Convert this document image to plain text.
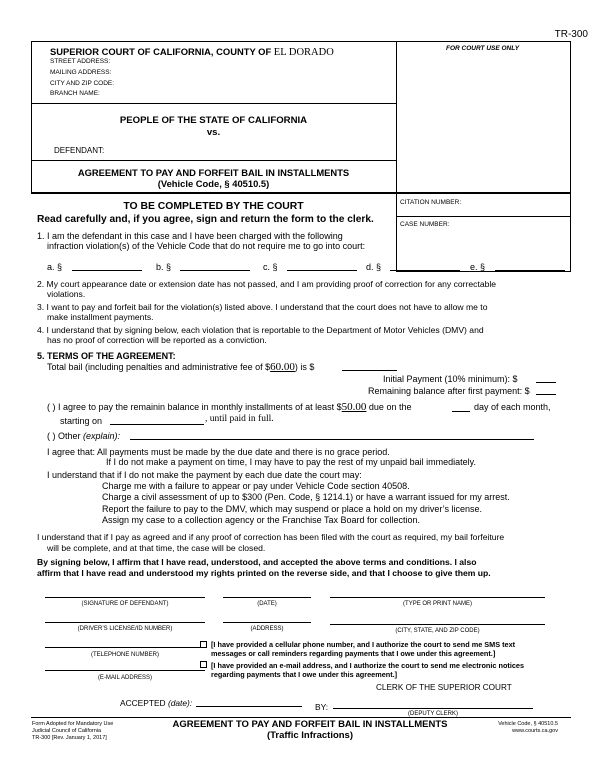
TR-300
SUPERIOR COURT OF CALIFORNIA, COUNTY OF EL DORADO
STREET ADDRESS:
MAILING ADDRESS:
CITY AND ZIP CODE:
BRANCH NAME:
FOR COURT USE ONLY
PEOPLE OF THE STATE OF CALIFORNIA
vs.
DEFENDANT:
AGREEMENT TO PAY AND FORFEIT BAIL IN INSTALLMENTS
(Vehicle Code, § 40510.5)
CITATION NUMBER:
CASE NUMBER:
TO BE COMPLETED BY THE COURT
Read carefully and, if you agree, sign and return the form to the clerk.
1. I am the defendant in this case and I have been charged with the following
infraction violation(s) of the Vehicle Code that do not require me to go into court:
a. §	b. §	c. §	d. §	e. §
2. My court appearance date or extension date has not passed, and I am providing proof of correction for any correctable
violations.
3. I want to pay and forfeit bail for the violation(s) listed above. I understand that the court does not have to allow me to
make installment payments.
4. I understand that by signing below, each violation that is reportable to the Department of Motor Vehicles (DMV) and
has no proof of correction will be reported as a conviction.
5. TERMS OF THE AGREEMENT:
Total bail (including penalties and administrative fee of $60.00) is $
Initial Payment (10% minimum): $
Remaining balance after first payment: $
( ) I agree to pay the remainin balance in monthly installments of at least $50.00 due on the	day of each month,
starting on	, until paid in full.
( ) Other (explain):
I agree that: All payments must be made by the due date and there is no grace period.
If I do not make a payment on time, I may have to pay the rest of my unpaid bail immediately.
I understand that if I do not make the payment by each due date the court may:
Charge me with a failure to appear or pay under Vehicle Code section 40508.
Charge a civil assessment of up to $300 (Pen. Code, § 1214.1) or have a warrant issued for my arrest.
Report the failure to pay to the DMV, which may suspend or place a hold on my driver’s license.
Assign my case to a collection agency or the Franchise Tax Board for collection.
I understand that if I pay as agreed and if any proof of correction has been filed with the court as required, my bail forfeiture
will be complete, and at that time, the case will be closed.
By signing below, I affirm that I have read, understood, and accepted the above terms and conditions. I also
affirm that I have read and understood my rights printed on the reverse side, and that I choose to give them up.
(SIGNATURE OF DEFENDANT)	(DATE)	(TYPE OR PRINT NAME)
(DRIVER’S LICENSE/ID NUMBER)	(ADDRESS)	(CITY, STATE, AND ZIP CODE)
(TELEPHONE NUMBER)
(E-MAIL ADDRESS)
[I have provided a cellular phone number, and I authorize the court to send me SMS text
messages or call reminders regarding payments that I owe under this agreement.]
[I have provided an e-mail address, and I authorize the court to send me electronic notices
regarding payments that I owe under this agreement.]
CLERK OF THE SUPERIOR COURT
ACCEPTED (date):	BY:
(DEPUTY CLERK)
Form Adopted for Mandatory Use
Judicial Council of California
TR-300 [Rev. January 1, 2017]
AGREEMENT TO PAY AND FORFEIT BAIL IN INSTALLMENTS
(Traffic Infractions)
Vehicle Code, § 40510.5
www.courts.ca.gov
